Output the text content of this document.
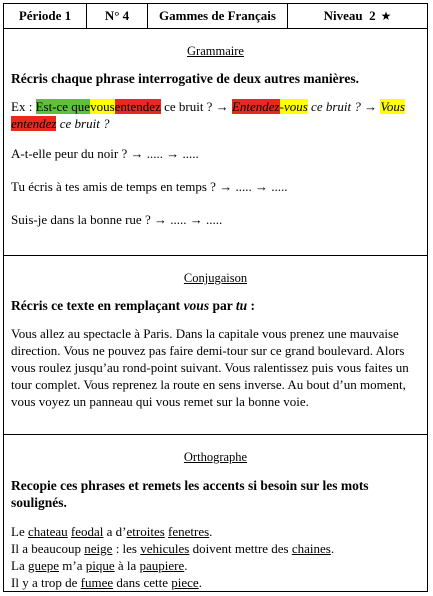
Période 1	N° 4	Gammes de Français	Niveau  2 ★
Grammaire
Récris chaque phrase interrogative de deux autres manières.
Ex : Est-ce quevousentendez ce bruit ? → Entendez-vous ce bruit ? → Vous entendez ce bruit ?
A-t-elle peur du noir ? → ..... → .....
Tu écris à tes amis de temps en temps ? → ..... → .....
Suis-je dans la bonne rue ? → ..... → .....
Conjugaison
Récris ce texte en remplaçant vous par tu :
Vous allez au spectacle à Paris. Dans la capitale vous prenez une mauvaise direction. Vous ne pouvez pas faire demi-tour sur ce grand boulevard. Alors vous roulez jusqu’au rond-point suivant. Vous ralentissez puis vous faites un tour complet. Vous reprenez la route en sens inverse. Au bout d’un moment, vous voyez un panneau qui vous remet sur la bonne voie.
Orthographe
Recopie ces phrases et remets les accents si besoin sur les mots soulignés.
Le chateau feodal a d’etroites fenetres.
Il a beaucoup neige : les vehicules doivent mettre des chaines.
La guepe m’a pique à la paupiere.
Il y a trop de fumee dans cette piece.
